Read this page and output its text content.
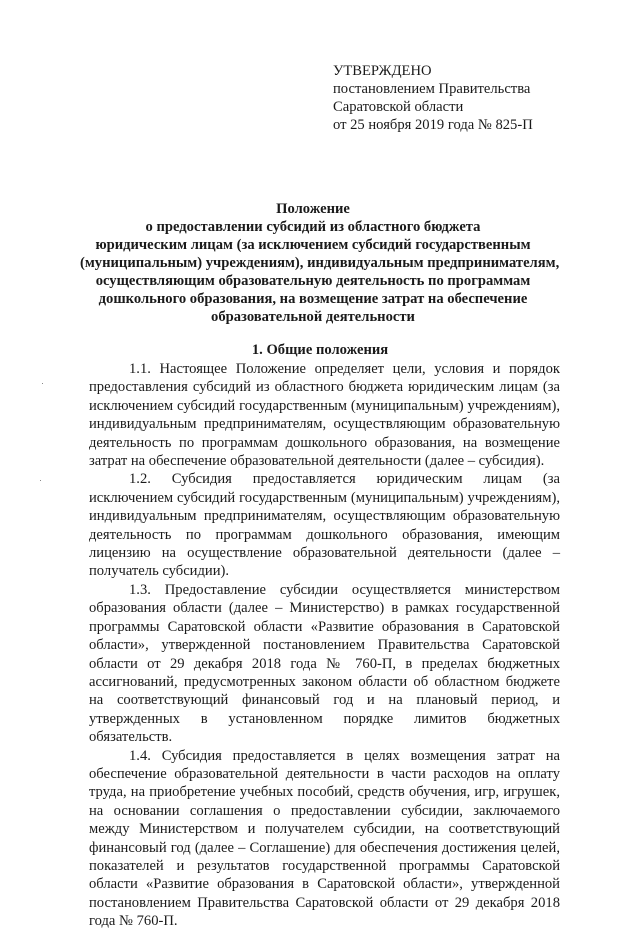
УТВЕРЖДЕНО
постановлением Правительства
Саратовской области
от 25 ноября 2019 года № 825-П
Положение
о предоставлении субсидий из областного бюджета
юридическим лицам (за исключением субсидий государственным
(муниципальным) учреждениям), индивидуальным предпринимателям,
осуществляющим образовательную деятельность по программам
дошкольного образования, на возмещение затрат на обеспечение
образовательной деятельности
1. Общие положения

1.1. Настоящее Положение определяет цели, условия и порядок предоставления субсидий из областного бюджета юридическим лицам (за исключением субсидий государственным (муниципальным) учреждениям), индивидуальным предпринимателям, осуществляющим образовательную деятельность по программам дошкольного образования, на возмещение затрат на обеспечение образовательной деятельности (далее – субсидия).

1.2. Субсидия предоставляется юридическим лицам (за исключением субсидий государственным (муниципальным) учреждениям), индивидуальным предпринимателям, осуществляющим образовательную деятельность по программам дошкольного образования, имеющим лицензию на осуществление образовательной деятельности (далее – получатель субсидии).

1.3. Предоставление субсидии осуществляется министерством образования области (далее – Министерство) в рамках государственной программы Саратовской области «Развитие образования в Саратовской области», утвержденной постановлением Правительства Саратовской области от 29 декабря 2018 года № 760-П, в пределах бюджетных ассигнований, предусмотренных законом области об областном бюджете на соответствующий финансовый год и на плановый период, и утвержденных в установленном порядке лимитов бюджетных обязательств.

1.4. Субсидия предоставляется в целях возмещения затрат на обеспечение образовательной деятельности в части расходов на оплату труда, на приобретение учебных пособий, средств обучения, игр, игрушек, на основании соглашения о предоставлении субсидии, заключаемого между Министерством и получателем субсидии, на соответствующий финансовый год (далее – Соглашение) для обеспечения достижения целей, показателей и результатов государственной программы Саратовской области «Развитие образования в Саратовской области», утвержденной постановлением Правительства Саратовской области от 29 декабря 2018 года № 760-П.
